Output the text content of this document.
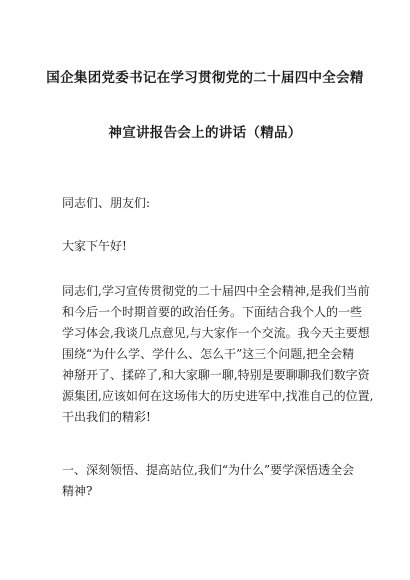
国企集团党委书记在学习贯彻党的二十届四中全会精
神宣讲报告会上的讲话（精品）
同志们、朋友们:
大家下午好!
同志们,学习宣传贯彻党的二十届四中全会精神,是我们当前
和今后一个时期首要的政治任务。下面结合我个人的一些
学习体会,我谈几点意见,与大家作一个交流。我今天主要想
围绕“为什么学、学什么、怎么干”这三个问题,把全会精
神掰开了、揉碎了,和大家聊一聊,特别是要聊聊我们数字资
源集团,应该如何在这场伟大的历史进军中,找准自己的位置,
干出我们的精彩!
一、深刻领悟、提高站位,我们“为什么”要学深悟透全会
精神?
